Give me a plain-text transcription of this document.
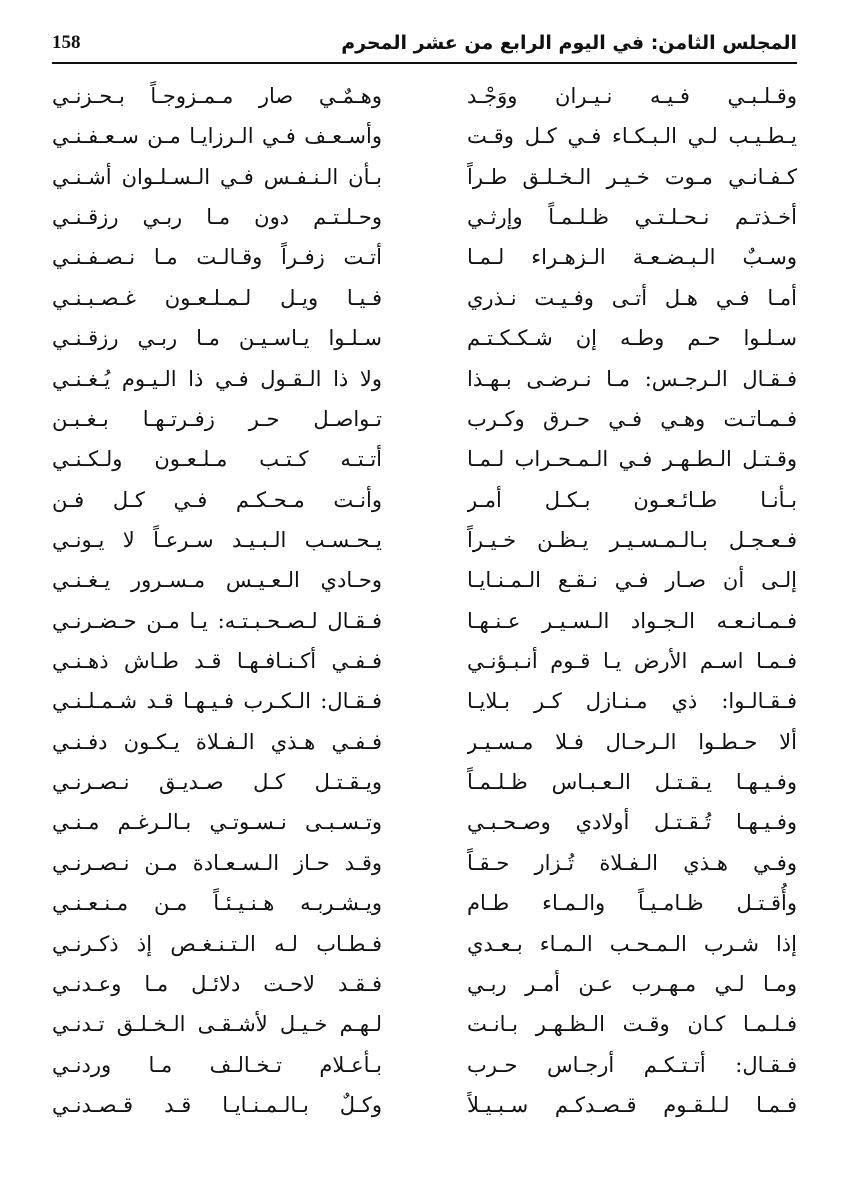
المجلس الثامن: في اليوم الرابع من عشر المحرم
158
وقـلـبـي فـيـه نـيـران ووَجْـد
وهـمٌـي صار مـمـزوجـاً بـحـزنـي
يـطـيـب لـي الـبـكـاء فـي كـل وقـت
وأسـعـف فـي الـرزايـا مـن سـعـفـنـي
كـفـانـي مـوت خـيـر الـخـلـق طـراً
بـأن الـنـفـس فـي الـسـلـوان أشـنـي
أخـذتـم نـحـلـتـي ظـلـمـاً وإرثـي
وحـلـتـم دون مـا ربـي رزقـنـي
وسـبٌ الـبـضـعـة الـزهـراء لـمـا
أتـت زفـراً وقـالـت مـا نـصـفـنـي
أمـا فـي هـل أتـى وفـيـت نـذري
فـيـا ويـل لـمـلـعـون غـصـبـنـي
سـلـوا حـم وطـه إن شـكـكـتـم
سـلـوا يـاسـيـن مـا ربـي رزقـنـي
فـقـال الـرجـس: مـا نـرضـى بـهـذا
ولا ذا الـقـول فـي ذا الـيـوم يُـغـنـي
فـمـاتـت وهـي فـي حـرق وكـرب
تـواصـل حـر زفـرتـهـا بـغـبـن
وقـتـل الـطـهـر فـي الـمـحـراب لـمـا
أتـتـه كـتـب مـلـعـون ولـكـنـي
بـأنـا طـائـعـون بـكـل أمـر
وأنـت مـحـكـم فـي كـل فـن
فـعـجـل بـالـمـسـيـر يـظـن خـيـراً
يـحـسـب الـبـيـد سـرعـاً لا يـونـي
إلـى أن صـار فـي نـقـع الـمـنـايـا
وحـادي الـعـيـس مـسـرور يـغـنـي
فـمـانـعـه الـجـواد الـسـيـر عـنـهـا
فـقـال لـصـحـبـتـه: يـا مـن حـضـرنـي
فـمـا اسـم الأرض يـا قـوم أنـبـؤنـي
فـفـي أكـنـافـهـا قـد طـاش ذهـنـي
فـقـالـوا: ذي مـنـازل كـر بـلايـا
فـقـال: الـكـرب فـيـهـا قـد شـمـلـنـي
ألا حـطـوا الـرحـال فـلا مـسـيـر
فـفـي هـذي الـفـلاة يـكـون دفـنـي
وفـيـهـا يـقـتـل الـعـبـاس ظـلـمـاً
ويـقـتـل كـل صـديـق نـصـرنـي
وفـيـهـا تُـقـتـل أولادي وصـحـبـي
وتـسـبـى نـسـوتـي بـالـرغـم مـنـي
وفـي هـذي الـفـلاة تُـزار حـقـاً
وقـد حـاز الـسـعـادة مـن نـصـرنـي
وأُقـتـل ظـامـيـاً والـمـاء طـام
ويـشـربـه هـنـيـئـاً مـن مـنـعـنـي
إذا شـرب الـمـحـب الـمـاء بـعـدي
فـطـاب لـه الـتـنـغـص إذ ذكـرنـي
ومـا لـي مـهـرب عـن أمـر ربـي
فـقـد لاحـت دلائـل مـا وعـدنـي
فـلـمـا كـان وقـت الـظـهـر بـانـت
لـهـم خـيـل لأشـقـى الـخـلـق تـدنـي
فـقـال: أتـتـكـم أرجـاس حـرب
بـأعـلام تـخـالـف مـا وردنـي
فـمـا لـلـقـوم قـصـدكـم سـبـيـلاً
وكـلٌ بـالـمـنـايـا قـد قـصـدنـي
